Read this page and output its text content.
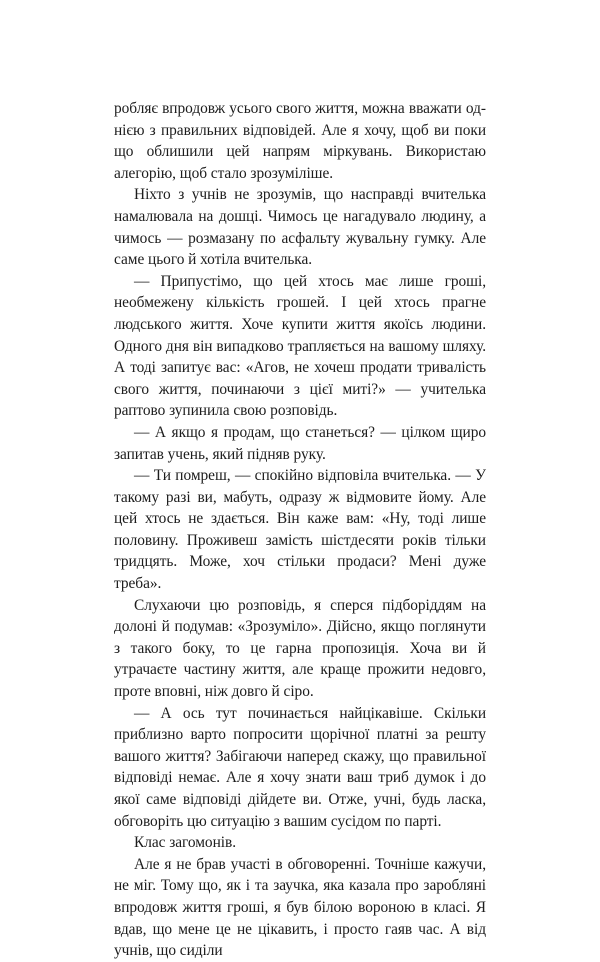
робляє впродовж усього свого життя, можна вважати однією з правильних відповідей. Але я хочу, щоб ви поки що облишили цей напрям міркувань. Використаю алегорію, щоб стало зрозуміліше.

Ніхто з учнів не зрозумів, що насправді вчителька намалювала на дошці. Чимось це нагадувало людину, а чимось — розмазану по асфальту жувальну гумку. Але саме цього й хотіла вчителька.

— Припустімо, що цей хтось має лише гроші, необмежену кількість грошей. І цей хтось прагне людського життя. Хоче купити життя якоїсь людини. Одного дня він випадково трапляється на вашому шляху. А тоді запитує вас: «Агов, не хочеш продати тривалість свого життя, починаючи з цієї миті?» — учителька раптово зупинила свою розповідь.

— А якщо я продам, що станеться? — цілком щиро запитав учень, який підняв руку.

— Ти помреш, — спокійно відповіла вчителька. — У такому разі ви, мабуть, одразу ж відмовите йому. Але цей хтось не здається. Він каже вам: «Ну, тоді лише половину. Проживеш замість шістдесяти років тільки тридцять. Може, хоч стільки продаси? Мені дуже треба».

Слухаючи цю розповідь, я сперся підборіддям на долоні й подумав: «Зрозуміло». Дійсно, якщо поглянути з такого боку, то це гарна пропозиція. Хоча ви й утрачаєте частину життя, але краще прожити недовго, проте вповні, ніж довго й сіро.

— А ось тут починається найцікавіше. Скільки приблизно варто попросити щорічної платні за решту вашого життя? Забігаючи наперед скажу, що правильної відповіді немає. Але я хочу знати ваш триб думок і до якої саме відповіді дійдете ви. Отже, учні, будь ласка, обговоріть цю ситуацію з вашим сусідом по парті.

Клас загомонів.

Але я не брав участі в обговоренні. Точніше кажучи, не міг. Тому що, як і та заучка, яка казала про заробляні впродовж життя гроші, я був білою вороною в класі. Я вдав, що мене це не цікавить, і просто гаяв час. А від учнів, що сиділи
